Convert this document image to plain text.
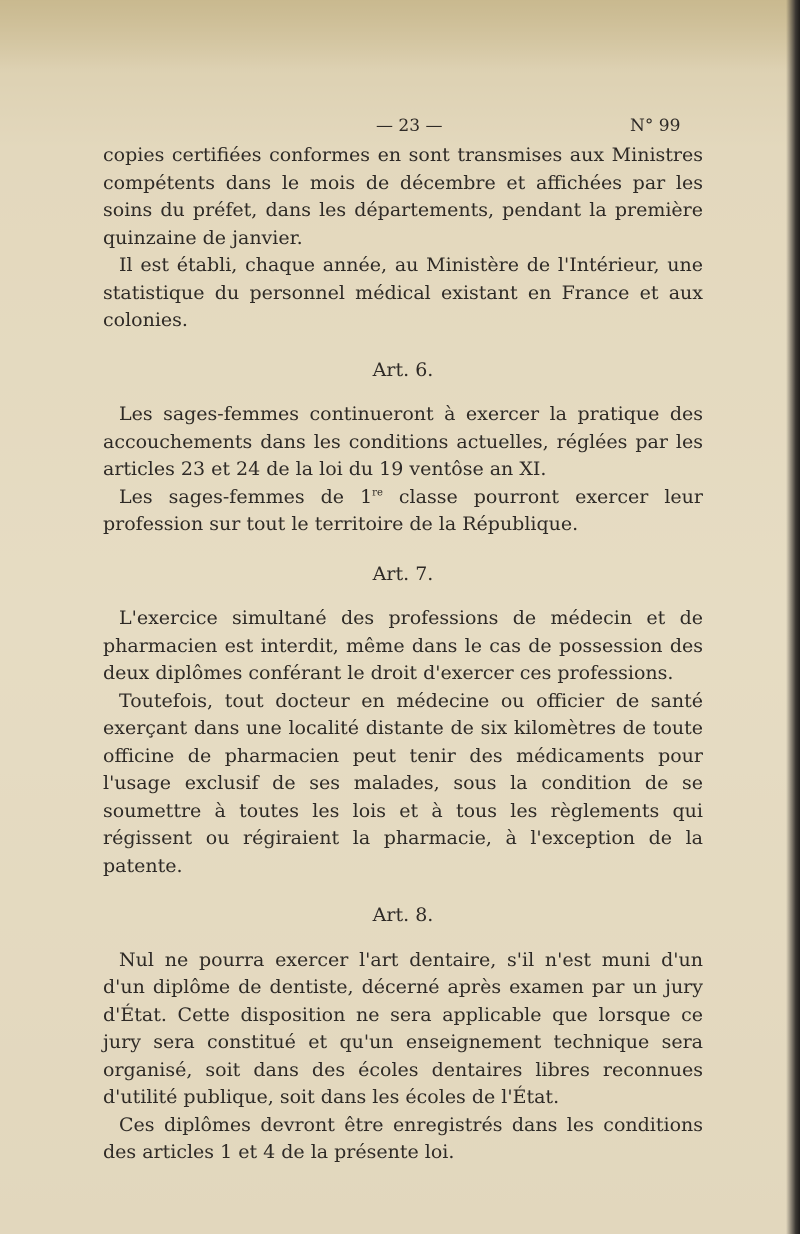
— 23 —	N° 99

copies certifiées conformes en sont transmises aux Ministres compétents dans le mois de décembre et affichées par les soins du préfet, dans les départements, pendant la première quinzaine de janvier.

Il est établi, chaque année, au Ministère de l'Intérieur, une statistique du personnel médical existant en France et aux colonies.

Art. 6.

Les sages-femmes continueront à exercer la pratique des accouchements dans les conditions actuelles, réglées par les articles 23 et 24 de la loi du 19 ventôse an XI.

Les sages-femmes de 1re classe pourront exercer leur profession sur tout le territoire de la République.

Art. 7.

L'exercice simultané des professions de médecin et de pharmacien est interdit, même dans le cas de possession des deux diplômes conférant le droit d'exercer ces professions.

Toutefois, tout docteur en médecine ou officier de santé exerçant dans une localité distante de six kilomètres de toute officine de pharmacien peut tenir des médicaments pour l'usage exclusif de ses malades, sous la condition de se soumettre à toutes les lois et à tous les règlements qui régissent ou régiraient la pharmacie, à l'exception de la patente.

Art. 8.

Nul ne pourra exercer l'art dentaire, s'il n'est muni d'un d'un diplôme de dentiste, décerné après examen par un jury d'État. Cette disposition ne sera applicable que lorsque ce jury sera constitué et qu'un enseignement technique sera organisé, soit dans des écoles dentaires libres reconnues d'utilité publique, soit dans les écoles de l'État.

Ces diplômes devront être enregistrés dans les conditions des articles 1 et 4 de la présente loi.
